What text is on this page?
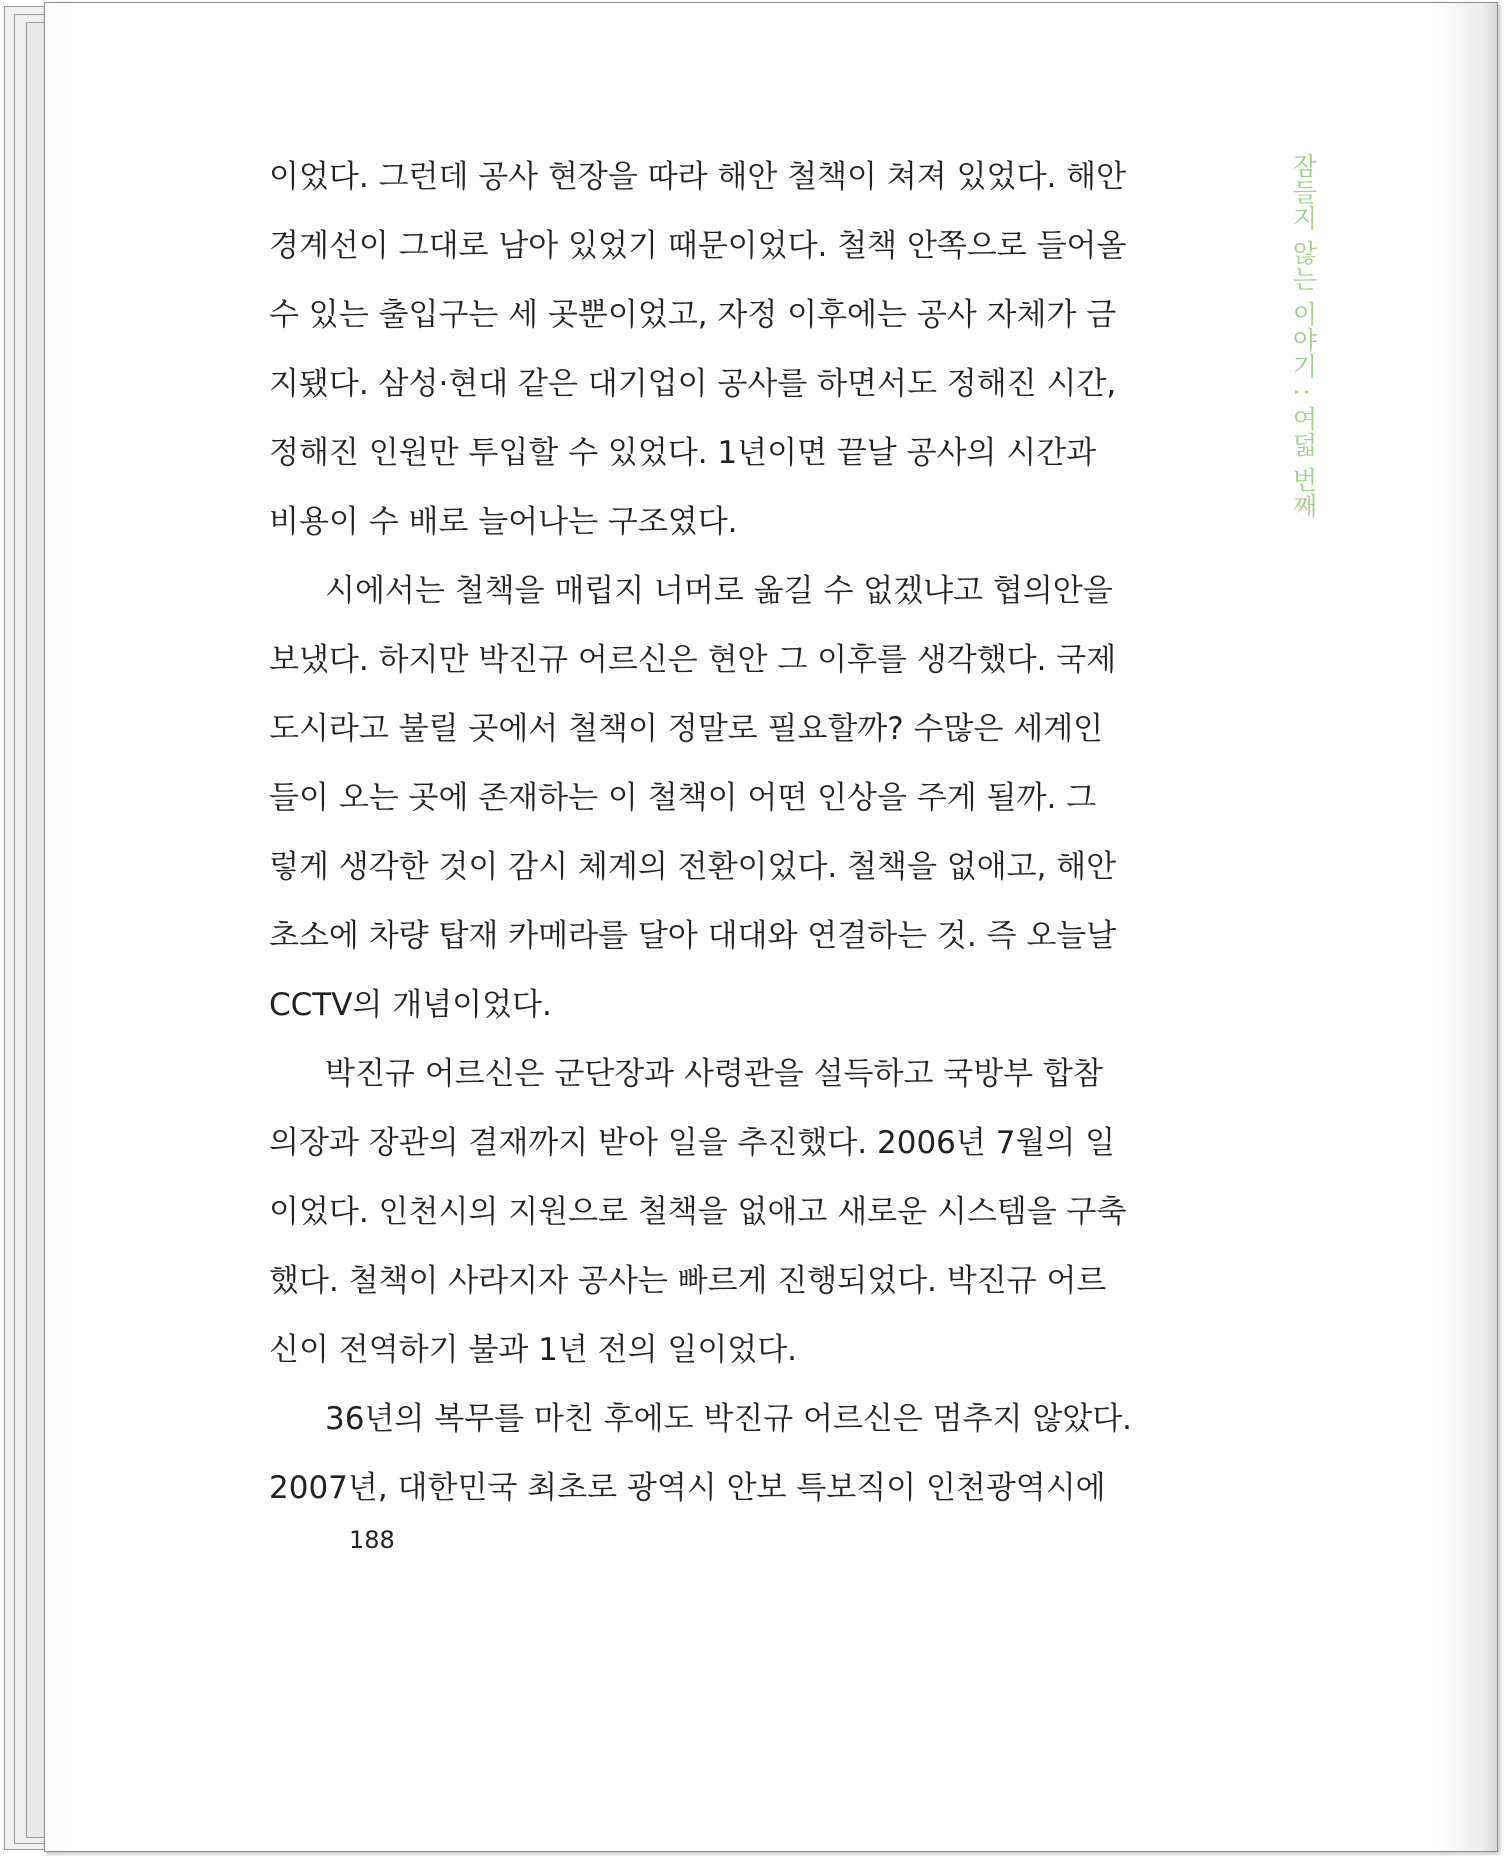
이었다. 그런데 공사 현장을 따라 해안 철책이 쳐져 있었다. 해안
경계선이 그대로 남아 있었기 때문이었다. 철책 안쪽으로 들어올
수 있는 출입구는 세 곳뿐이었고, 자정 이후에는 공사 자체가 금
지됐다. 삼성·현대 같은 대기업이 공사를 하면서도 정해진 시간,
정해진 인원만 투입할 수 있었다. 1년이면 끝날 공사의 시간과
비용이 수 배로 늘어나는 구조였다.
시에서는 철책을 매립지 너머로 옮길 수 없겠냐고 협의안을
보냈다. 하지만 박진규 어르신은 현안 그 이후를 생각했다. 국제
도시라고 불릴 곳에서 철책이 정말로 필요할까? 수많은 세계인
들이 오는 곳에 존재하는 이 철책이 어떤 인상을 주게 될까. 그
렇게 생각한 것이 감시 체계의 전환이었다. 철책을 없애고, 해안
초소에 차량 탑재 카메라를 달아 대대와 연결하는 것. 즉 오늘날
CCTV의 개념이었다.
박진규 어르신은 군단장과 사령관을 설득하고 국방부 합참
의장과 장관의 결재까지 받아 일을 추진했다. 2006년 7월의 일
이었다. 인천시의 지원으로 철책을 없애고 새로운 시스템을 구축
했다. 철책이 사라지자 공사는 빠르게 진행되었다. 박진규 어르
신이 전역하기 불과 1년 전의 일이었다.
36년의 복무를 마친 후에도 박진규 어르신은 멈추지 않았다.
2007년, 대한민국 최초로 광역시 안보 특보직이 인천광역시에
잠들지 않는 이야기 : 여덟 번째
188
